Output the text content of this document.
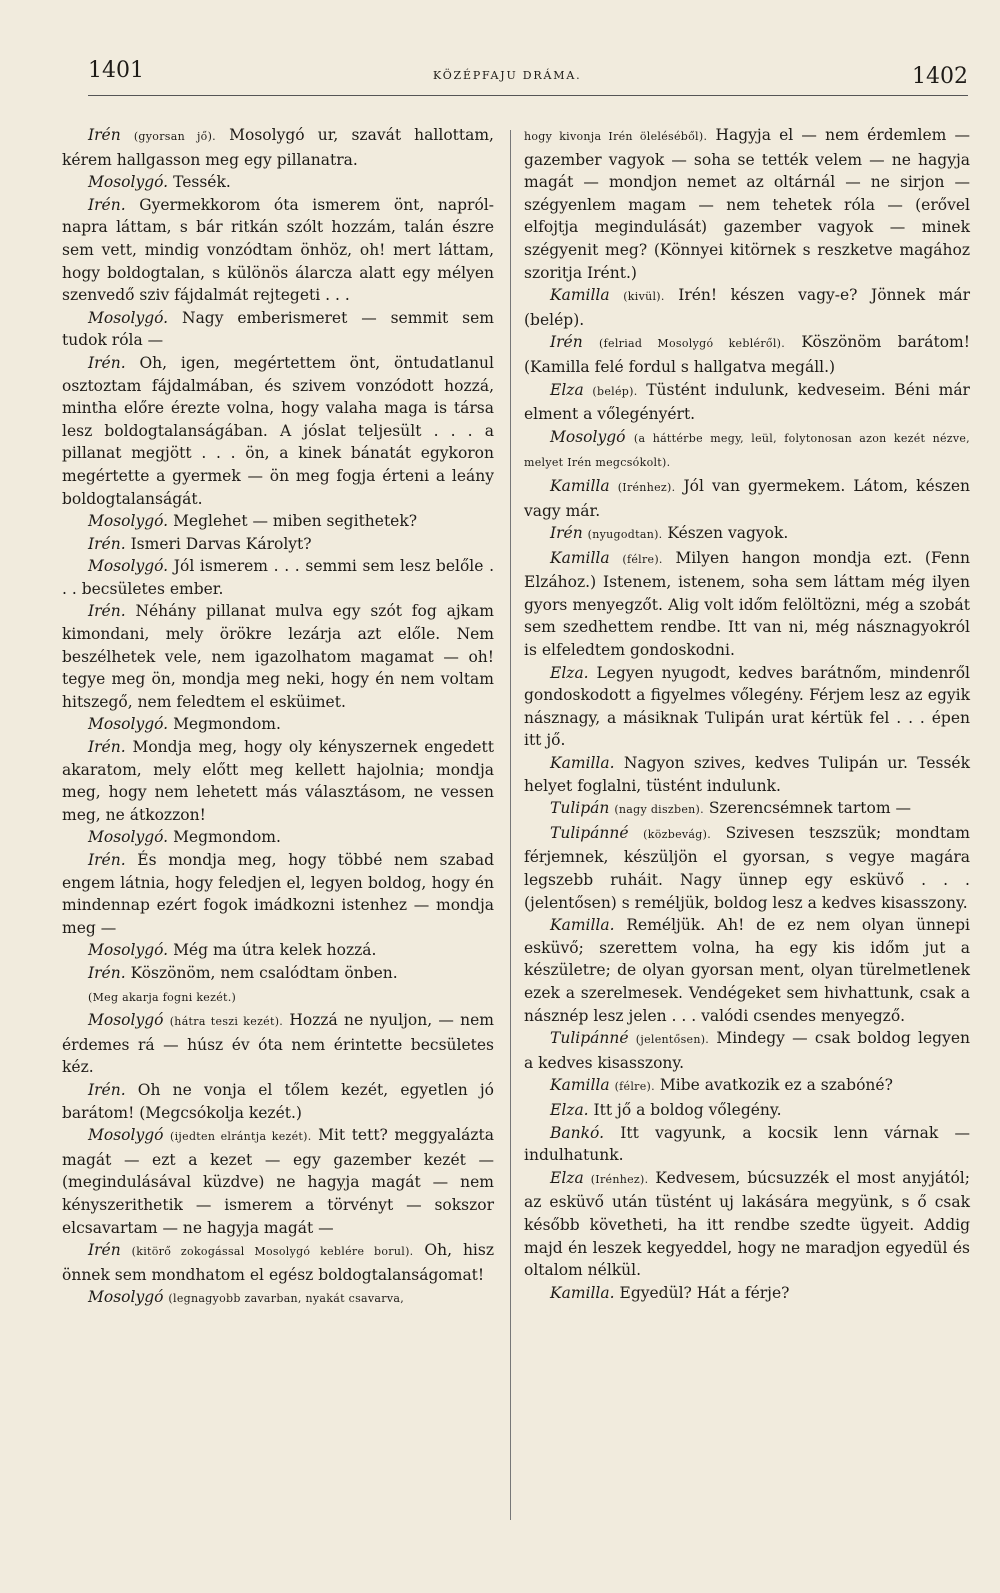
1401	KÖZÉPFAJU DRÁMA.	1402

Irén (gyorsan jő). Mosolygó ur, szavát hallottam, kérem hallgasson meg egy pillanatra.

Mosolygó. Tessék.

Irén. Gyermekkorom óta ismerem önt, napról-napra láttam, s bár ritkán szólt hozzám, talán észre sem vett, mindig vonzódtam önhöz, oh! mert láttam, hogy boldogtalan, s különös álarcza alatt egy mélyen szenvedő sziv fájdalmát rejtegeti . . .

Mosolygó. Nagy emberismeret — semmit sem tudok róla —

Irén. Oh, igen, megértettem önt, öntudatlanul osztoztam fájdalmában, és szivem vonzódott hozzá, mintha előre érezte volna, hogy valaha maga is társa lesz boldogtalanságában. A jóslat teljesült . . . a pillanat megjött . . . ön, a kinek bánatát egykoron megértette a gyermek — ön meg fogja érteni a leány boldogtalanságát.

Mosolygó. Meglehet — miben segithetek?

Irén. Ismeri Darvas Károlyt?

Mosolygó. Jól ismerem . . . semmi sem lesz belőle . . . becsületes ember.

Irén. Néhány pillanat mulva egy szót fog ajkam kimondani, mely örökre lezárja azt előle. Nem beszélhetek vele, nem igazolhatom magamat — oh! tegye meg ön, mondja meg neki, hogy én nem voltam hitszegő, nem feledtem el esküimet.

Mosolygó. Megmondom.

Irén. Mondja meg, hogy oly kényszernek engedett akaratom, mely előtt meg kellett hajolnia; mondja meg, hogy nem lehetett más választásom, ne vessen meg, ne átkozzon!

Mosolygó. Megmondom.

Irén. És mondja meg, hogy többé nem szabad engem látnia, hogy feledjen el, legyen boldog, hogy én mindennap ezért fogok imádkozni istenhez — mondja meg —

Mosolygó. Még ma útra kelek hozzá.

Irén. Köszönöm, nem csalódtam önben.

(Meg akarja fogni kezét.)

Mosolygó (hátra teszi kezét). Hozzá ne nyuljon, — nem érdemes rá — húsz év óta nem érintette becsületes kéz.

Irén. Oh ne vonja el tőlem kezét, egyetlen jó barátom! (Megcsókolja kezét.)

Mosolygó (ijedten elrántja kezét). Mit tett? meggyalázta magát — ezt a kezet — egy gazember kezét — (megindulásával küzdve) ne hagyja magát — nem kényszerithetik — ismerem a törvényt — sokszor elcsavartam — ne hagyja magát —

Irén (kitörő zokogással Mosolygó keblére borul). Oh, hisz önnek sem mondhatom el egész boldogtalanságomat!

Mosolygó (legnagyobb zavarban, nyakát csavarva,

hogy kivonja Irén öleléséből). Hagyja el — nem érdemlem — gazember vagyok — soha se tették velem — ne hagyja magát — mondjon nemet az oltárnál — ne sirjon — szégyenlem magam — nem tehetek róla — (erővel elfojtja megindulását) gazember vagyok — minek szégyenit meg? (Könnyei kitörnek s reszketve magához szoritja Irént.)

Kamilla (kivül). Irén! készen vagy-e? Jönnek már (belép).

Irén (felriad Mosolygó kebléről). Köszönöm barátom! (Kamilla felé fordul s hallgatva megáll.)

Elza (belép). Tüstént indulunk, kedveseim. Béni már elment a vőlegényért.

Mosolygó (a háttérbe megy, leül, folytonosan azon kezét nézve, melyet Irén megcsókolt).

Kamilla (Irénhez). Jól van gyermekem. Látom, készen vagy már.

Irén (nyugodtan). Készen vagyok.

Kamilla (félre). Milyen hangon mondja ezt. (Fenn Elzához.) Istenem, istenem, soha sem láttam még ilyen gyors menyegzőt. Alig volt időm felöltözni, még a szobát sem szedhettem rendbe. Itt van ni, még násznagyokról is elfeledtem gondoskodni.

Elza. Legyen nyugodt, kedves barátnőm, mindenről gondoskodott a figyelmes vőlegény. Férjem lesz az egyik násznagy, a másiknak Tulipán urat kértük fel . . . épen itt jő.

Kamilla. Nagyon szives, kedves Tulipán ur. Tessék helyet foglalni, tüstént indulunk.

Tulipán (nagy diszben). Szerencsémnek tartom —

Tulipánné (közbevág). Szivesen teszszük; mondtam férjemnek, készüljön el gyorsan, s vegye magára legszebb ruháit. Nagy ünnep egy esküvő . . . (jelentősen) s reméljük, boldog lesz a kedves kisasszony.

Kamilla. Reméljük. Ah! de ez nem olyan ünnepi esküvő; szerettem volna, ha egy kis időm jut a készületre; de olyan gyorsan ment, olyan türelmetlenek ezek a szerelmesek. Vendégeket sem hivhattunk, csak a násznép lesz jelen . . . valódi csendes menyegző.

Tulipánné (jelentősen). Mindegy — csak boldog legyen a kedves kisasszony.

Kamilla (félre). Mibe avatkozik ez a szabóné?

Elza. Itt jő a boldog vőlegény.

Bankó. Itt vagyunk, a kocsik lenn várnak — indulhatunk.

Elza (Irénhez). Kedvesem, búcsuzzék el most anyjától; az esküvő után tüstént uj lakására megyünk, s ő csak később követheti, ha itt rendbe szedte ügyeit. Addig majd én leszek kegyeddel, hogy ne maradjon egyedül és oltalom nélkül.

Kamilla. Egyedül? Hát a férje?
